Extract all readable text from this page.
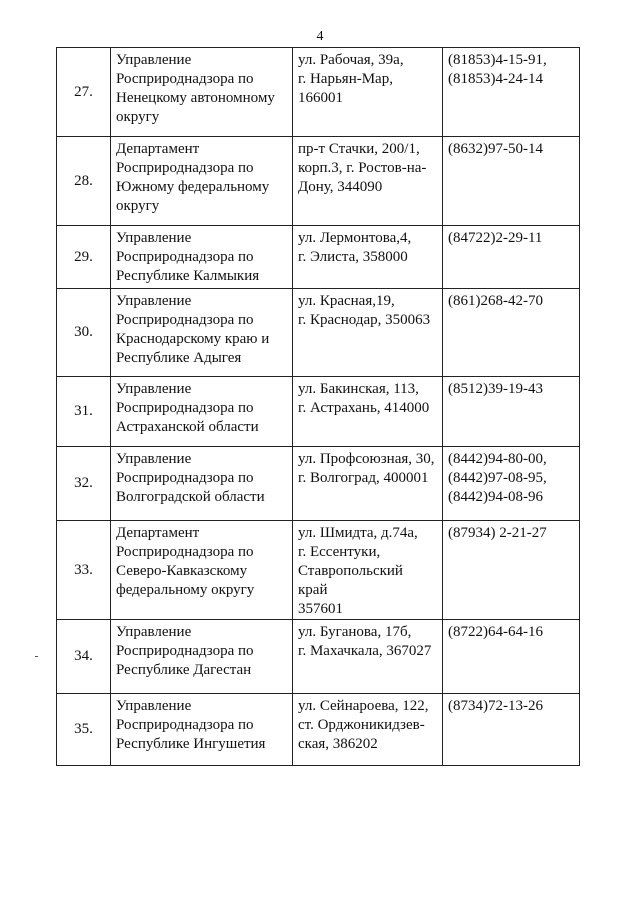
4
27.	Управление
Росприроднадзора по
Ненецкому автономному
округу	ул. Рабочая, 39а,
г. Нарьян-Мар,
166001	(81853)4-15-91,
(81853)4-24-14

28.	Департамент
Росприроднадзора по
Южному федеральному
округу	пр-т Стачки, 200/1,
корп.3, г. Ростов-на-
Дону, 344090	(8632)97-50-14

29.	Управление
Росприроднадзора по
Республике Калмыкия	ул. Лермонтова,4,
г. Элиста, 358000	(84722)2-29-11

30.	Управление
Росприроднадзора по
Краснодарскому краю и
Республике Адыгея	ул. Красная,19,
г. Краснодар, 350063	(861)268-42-70

31.	Управление
Росприроднадзора по
Астраханской области	ул. Бакинская, 113,
г. Астрахань, 414000	(8512)39-19-43

32.	Управление
Росприроднадзора по
Волгоградской области	ул. Профсоюзная, 30,
г. Волгоград, 400001	(8442)94-80-00,
(8442)97-08-95,
(8442)94-08-96

33.	Департамент
Росприроднадзора по
Северо-Кавказскому
федеральному округу	ул. Шмидта, д.74а,
г. Ессентуки,
Ставропольский
край
357601	(87934) 2-21-27

34.	Управление
Росприроднадзора по
Республике Дагестан	ул. Буганова, 17б,
г. Махачкала, 367027	(8722)64-64-16

35.	Управление
Росприроднадзора по
Республике Ингушетия	ул. Сейнароева, 122,
ст. Орджоникидзев-
ская, 386202	(8734)72-13-26
